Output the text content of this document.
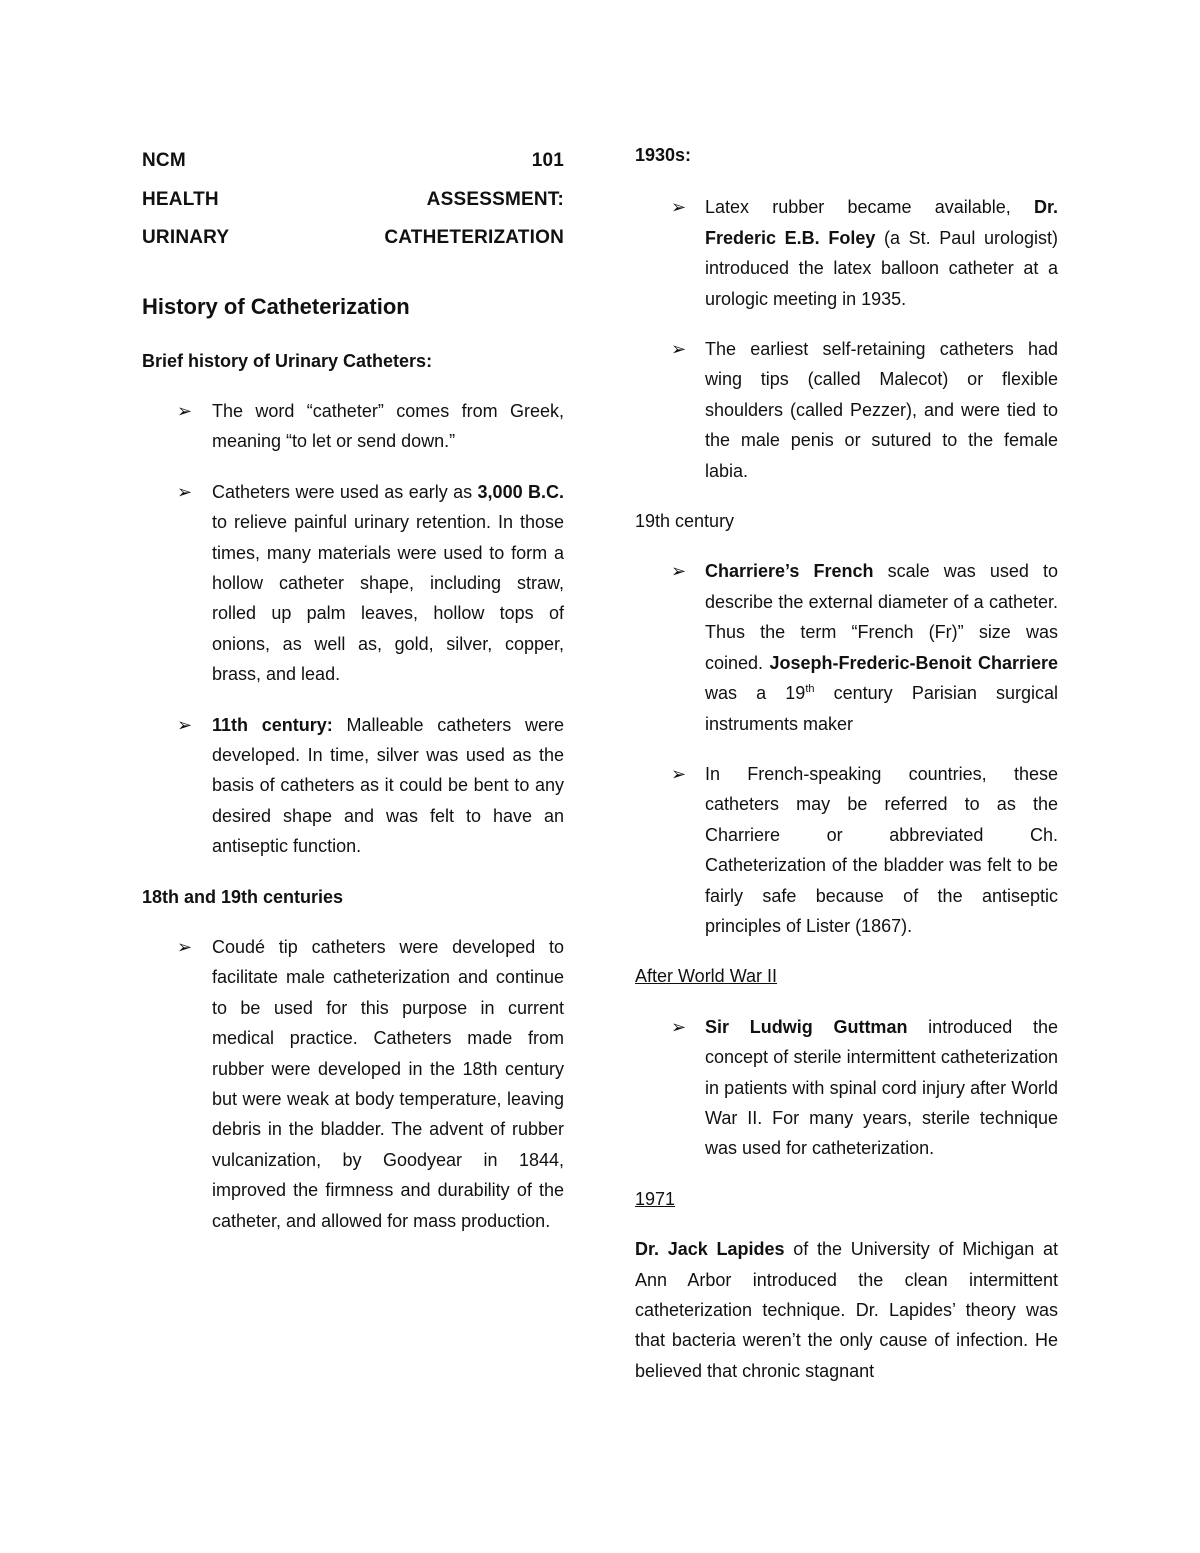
NCM	101
HEALTH	ASSESSMENT:
URINARY	CATHETERIZATION
History of Catheterization
Brief history of Urinary Catheters:
➢ The word “catheter” comes from Greek, meaning “to let or send down.”
➢ Catheters were used as early as 3,000 B.C. to relieve painful urinary retention. In those times, many materials were used to form a hollow catheter shape, including straw, rolled up palm leaves, hollow tops of onions, as well as, gold, silver, copper, brass, and lead.
➢ 11th century: Malleable catheters were developed. In time, silver was used as the basis of catheters as it could be bent to any desired shape and was felt to have an antiseptic function.
18th and 19th centuries
➢ Coudé tip catheters were developed to facilitate male catheterization and continue to be used for this purpose in current medical practice. Catheters made from rubber were developed in the 18th century but were weak at body temperature, leaving debris in the bladder. The advent of rubber vulcanization, by Goodyear in 1844, improved the firmness and durability of the catheter, and allowed for mass production.
1930s:
➢ Latex rubber became available, Dr. Frederic E.B. Foley (a St. Paul urologist) introduced the latex balloon catheter at a urologic meeting in 1935.
➢ The earliest self-retaining catheters had wing tips (called Malecot) or flexible shoulders (called Pezzer), and were tied to the male penis or sutured to the female labia.
19th century
➢ Charriere’s French scale was used to describe the external diameter of a catheter. Thus the term “French (Fr)” size was coined. Joseph-Frederic-Benoit Charriere was a 19th century Parisian surgical instruments maker
➢ In French-speaking countries, these catheters may be referred to as the Charriere or abbreviated Ch. Catheterization of the bladder was felt to be fairly safe because of the antiseptic principles of Lister (1867).
After World War II
➢ Sir Ludwig Guttman introduced the concept of sterile intermittent catheterization in patients with spinal cord injury after World War II. For many years, sterile technique was used for catheterization.
1971

Dr. Jack Lapides of the University of Michigan at Ann Arbor introduced the clean intermittent catheterization technique. Dr. Lapides’ theory was that bacteria weren’t the only cause of infection. He believed that chronic stagnant
